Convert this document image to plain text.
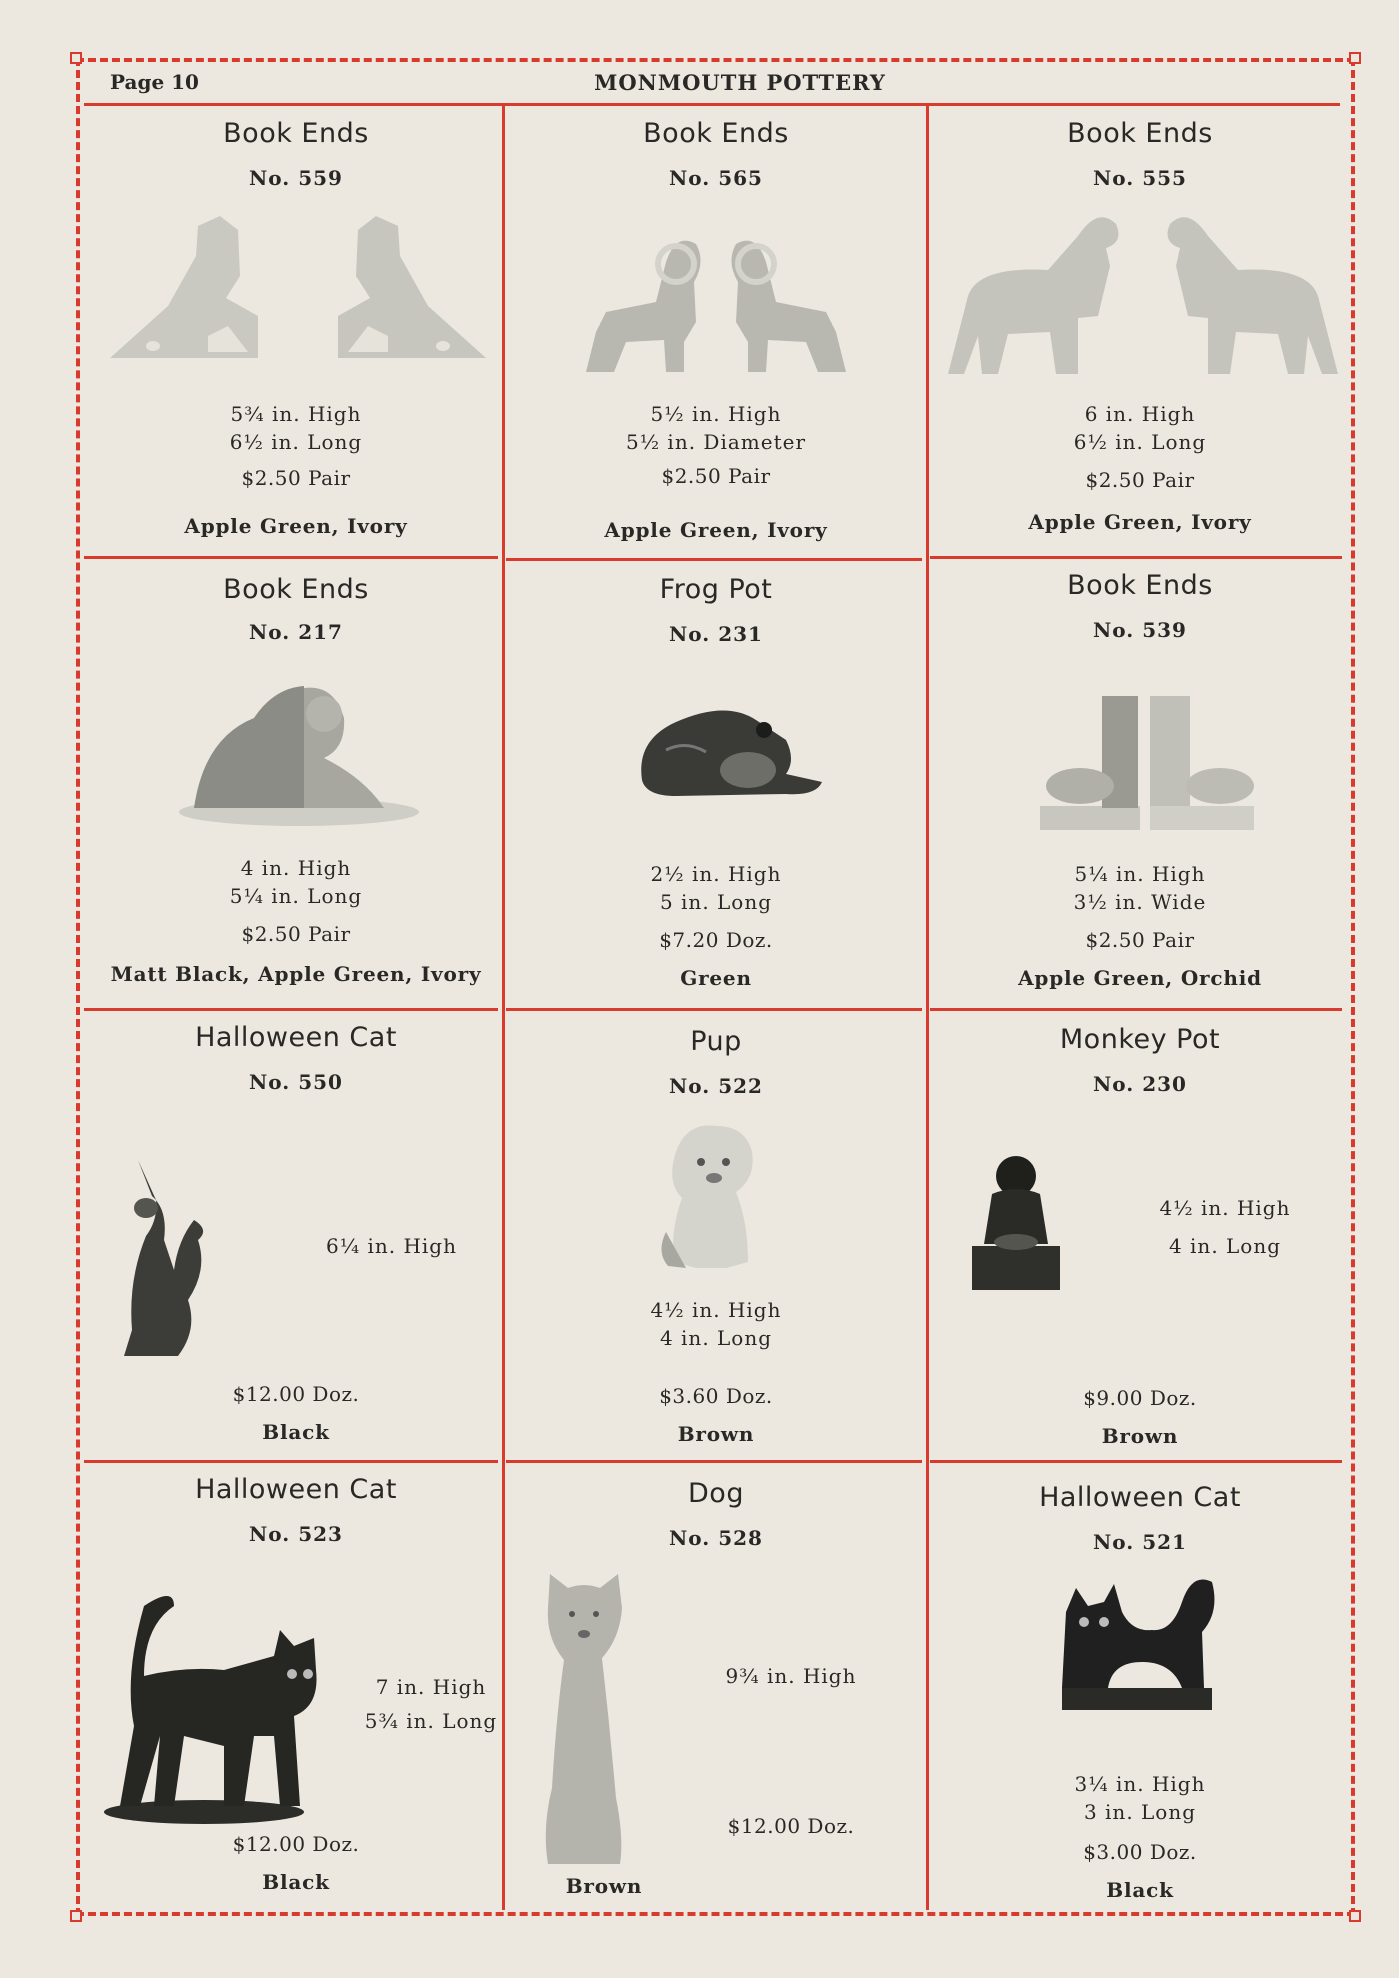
Page 10	MONMOUTH POTTERY
Book Ends
No. 559
5¾ in. High
6½ in. Long
$2.50 Pair
Apple Green, Ivory
Book Ends
No. 565
5½ in. High
5½ in. Diameter
$2.50 Pair
Apple Green, Ivory
Book Ends
No. 555
6 in. High
6½ in. Long
$2.50 Pair
Apple Green, Ivory
Book Ends
No. 217
4 in. High
5¼ in. Long
$2.50 Pair
Matt Black, Apple Green, Ivory
Frog Pot
No. 231
2½ in. High
5 in. Long
$7.20 Doz.
Green
Book Ends
No. 539
5¼ in. High
3½ in. Wide
$2.50 Pair
Apple Green, Orchid
Halloween Cat
No. 550
6¼ in. High
$12.00 Doz.
Black
Pup
No. 522
4½ in. High
4 in. Long
$3.60 Doz.
Brown
Monkey Pot
No. 230
4½ in. High
4 in. Long
$9.00 Doz.
Brown
Halloween Cat
No. 523
7 in. High
5¾ in. Long
$12.00 Doz.
Black
Dog
No. 528
9¾ in. High
$12.00 Doz.
Brown
Halloween Cat
No. 521
3¼ in. High
3 in. Long
$3.00 Doz.
Black
